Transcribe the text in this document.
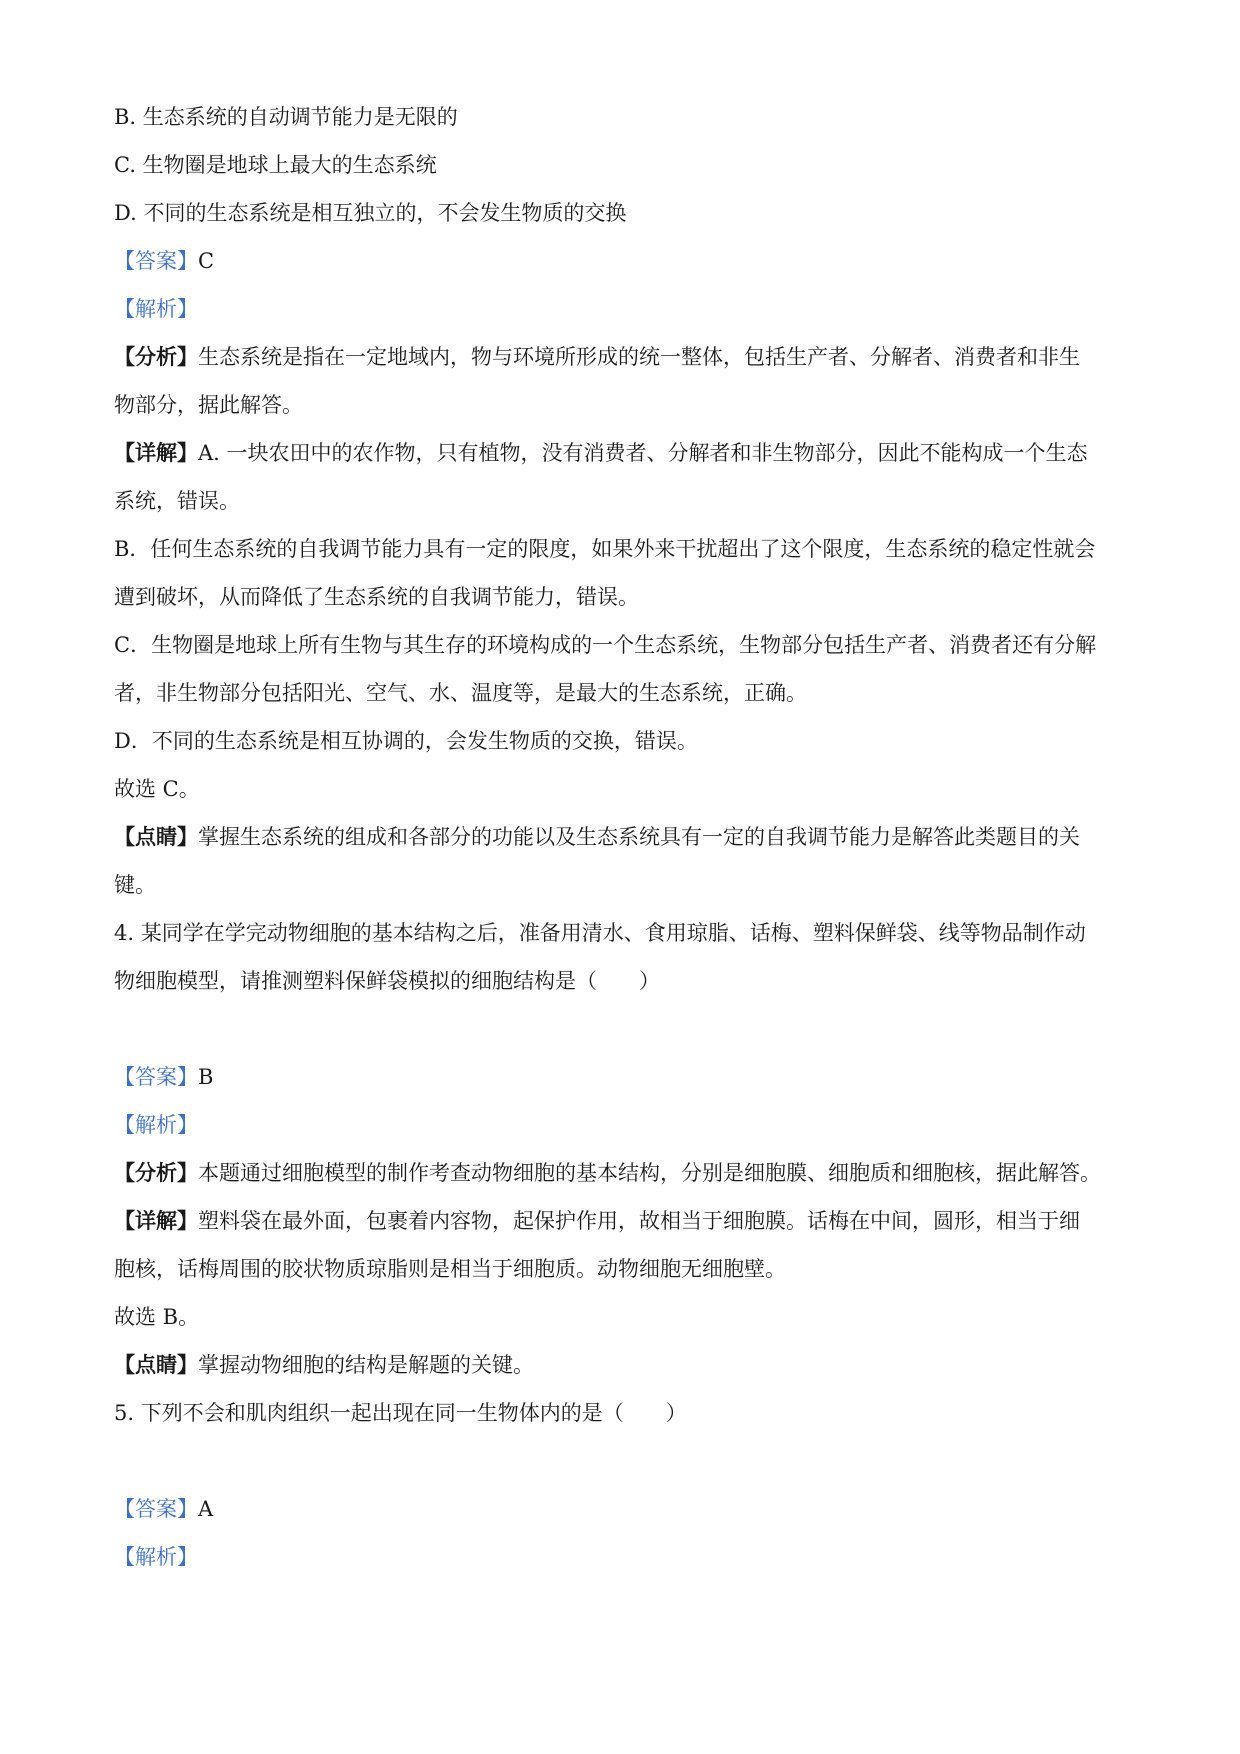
B. 生态系统的自动调节能力是无限的
C. 生物圈是地球上最大的生态系统
D. 不同的生态系统是相互独立的，不会发生物质的交换
【答案】C
【解析】
【分析】生态系统是指在一定地域内，物与环境所形成的统一整体，包括生产者、分解者、消费者和非生
物部分，据此解答。
【详解】A. 一块农田中的农作物，只有植物，没有消费者、分解者和非生物部分，因此不能构成一个生态
系统，错误。
B．任何生态系统的自我调节能力具有一定的限度，如果外来干扰超出了这个限度，生态系统的稳定性就会
遭到破坏，从而降低了生态系统的自我调节能力，错误。
C．生物圈是地球上所有生物与其生存的环境构成的一个生态系统，生物部分包括生产者、消费者还有分解
者，非生物部分包括阳光、空气、水、温度等，是最大的生态系统，正确。
D．不同的生态系统是相互协调的，会发生物质的交换，错误。
故选 C。
【点睛】掌握生态系统的组成和各部分的功能以及生态系统具有一定的自我调节能力是解答此类题目的关
键。
4. 某同学在学完动物细胞的基本结构之后，准备用清水、食用琼脂、话梅、塑料保鲜袋、线等物品制作动
物细胞模型，请推测塑料保鲜袋模拟的细胞结构是（　　）
【答案】B
【解析】
【分析】本题通过细胞模型的制作考查动物细胞的基本结构，分别是细胞膜、细胞质和细胞核，据此解答。
【详解】塑料袋在最外面，包裹着内容物，起保护作用，故相当于细胞膜。话梅在中间，圆形，相当于细
胞核，话梅周围的胶状物质琼脂则是相当于细胞质。动物细胞无细胞壁。
故选 B。
【点睛】掌握动物细胞的结构是解题的关键。
5. 下列不会和肌肉组织一起出现在同一生物体内的是（　　）
【答案】A
【解析】
